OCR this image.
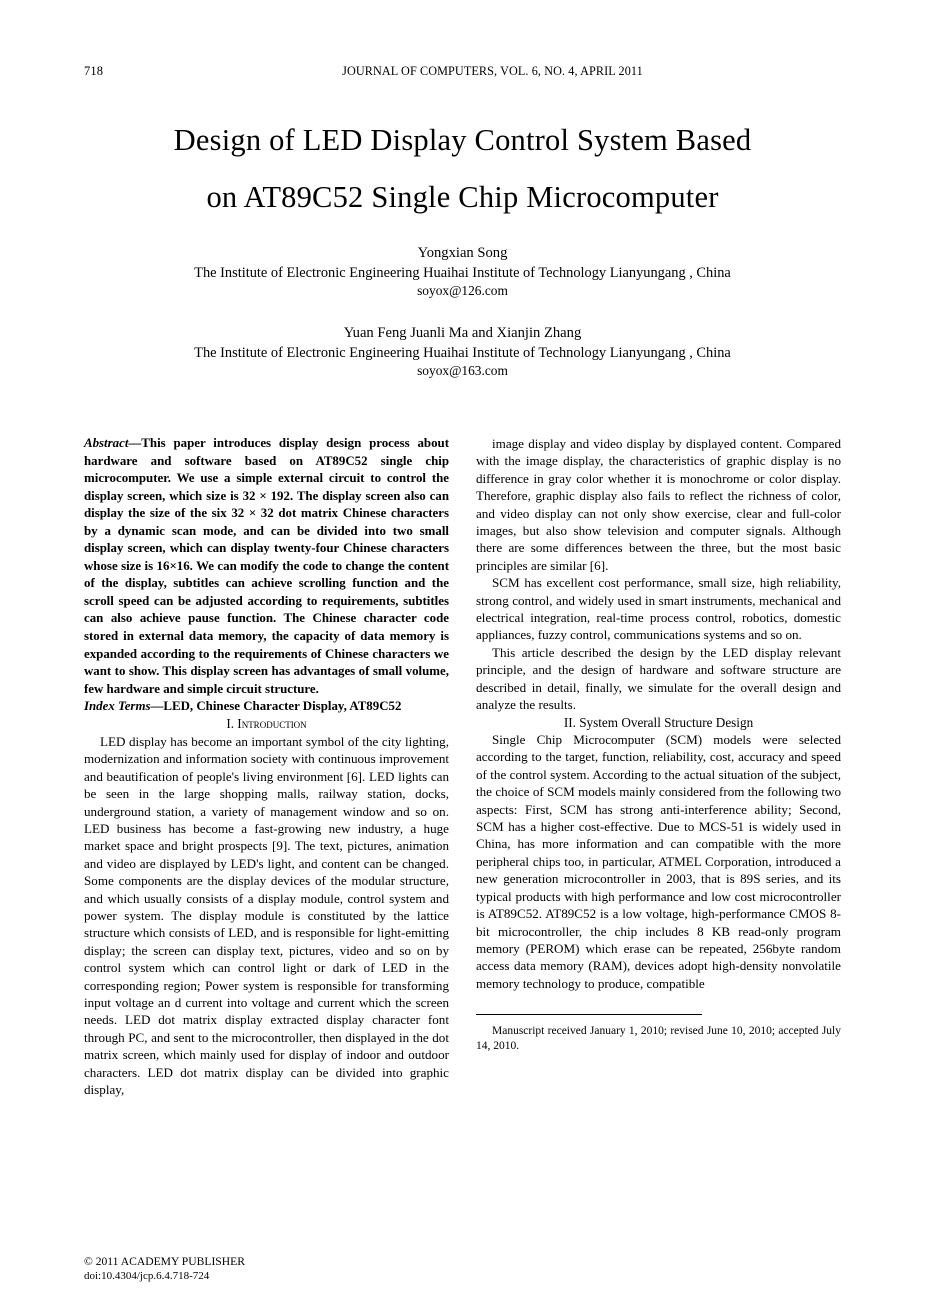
718	JOURNAL OF COMPUTERS, VOL. 6, NO. 4, APRIL 2011
Design of LED Display Control System Based
on AT89C52 Single Chip Microcomputer
Yongxian Song
The Institute of Electronic Engineering Huaihai Institute of Technology Lianyungang , China
soyox@126.com
Yuan Feng Juanli Ma and Xianjin Zhang
The Institute of Electronic Engineering Huaihai Institute of Technology Lianyungang , China
soyox@163.com

Abstract—This paper introduces display design process about hardware and software based on AT89C52 single chip microcomputer. We use a simple external circuit to control the display screen, which size is 32 × 192. The display screen also can display the size of the six 32 × 32 dot matrix Chinese characters by a dynamic scan mode, and can be divided into two small display screen, which can display twenty-four Chinese characters whose size is 16×16. We can modify the code to change the content of the display, subtitles can achieve scrolling function and the scroll speed can be adjusted according to requirements, subtitles can also achieve pause function. The Chinese character code stored in external data memory, the capacity of data memory is expanded according to the requirements of Chinese characters we want to show. This display screen has advantages of small volume, few hardware and simple circuit structure.

Index Terms—LED, Chinese Character Display, AT89C52

I. Introduction

LED display has become an important symbol of the city lighting, modernization and information society with continuous improvement and beautification of people's living environment [6]. LED lights can be seen in the large shopping malls, railway station, docks, underground station, a variety of management window and so on. LED business has become a fast-growing new industry, a huge market space and bright prospects [9]. The text, pictures, animation and video are displayed by LED's light, and content can be changed. Some components are the display devices of the modular structure, and which usually consists of a display module, control system and power system. The display module is constituted by the lattice structure which consists of LED, and is responsible for light-emitting display; the screen can display text, pictures, video and so on by control system which can control light or dark of LED in the corresponding region; Power system is responsible for transforming input voltage an d current into voltage and current which the screen needs. LED dot matrix display extracted display character font through PC, and sent to the microcontroller, then displayed in the dot matrix screen, which mainly used for display of indoor and outdoor characters. LED dot matrix display can be divided into graphic display,

image display and video display by displayed content. Compared with the image display, the characteristics of graphic display is no difference in gray color whether it is monochrome or color display. Therefore, graphic display also fails to reflect the richness of color, and video display can not only show exercise, clear and full-color images, but also show television and computer signals. Although there are some differences between the three, but the most basic principles are similar [6].

SCM has excellent cost performance, small size, high reliability, strong control, and widely used in smart instruments, mechanical and electrical integration, real-time process control, robotics, domestic appliances, fuzzy control, communications systems and so on.

This article described the design by the LED display relevant principle, and the design of hardware and software structure are described in detail, finally, we simulate for the overall design and analyze the results.

II. System Overall Structure Design

Single Chip Microcomputer (SCM) models were selected according to the target, function, reliability, cost, accuracy and speed of the control system. According to the actual situation of the subject, the choice of SCM models mainly considered from the following two aspects: First, SCM has strong anti-interference ability; Second, SCM has a higher cost-effective. Due to MCS-51 is widely used in China, has more information and can compatible with the more peripheral chips too, in particular, ATMEL Corporation, introduced a new generation microcontroller in 2003, that is 89S series, and its typical products with high performance and low cost microcontroller is AT89C52. AT89C52 is a low voltage, high-performance CMOS 8-bit microcontroller, the chip includes 8 KB read-only program memory (PEROM) which erase can be repeated, 256byte random access data memory (RAM), devices adopt high-density nonvolatile memory technology to produce, compatible

Manuscript received January 1, 2010; revised June 10, 2010; accepted July 14, 2010.

© 2011 ACADEMY PUBLISHER
doi:10.4304/jcp.6.4.718-724
